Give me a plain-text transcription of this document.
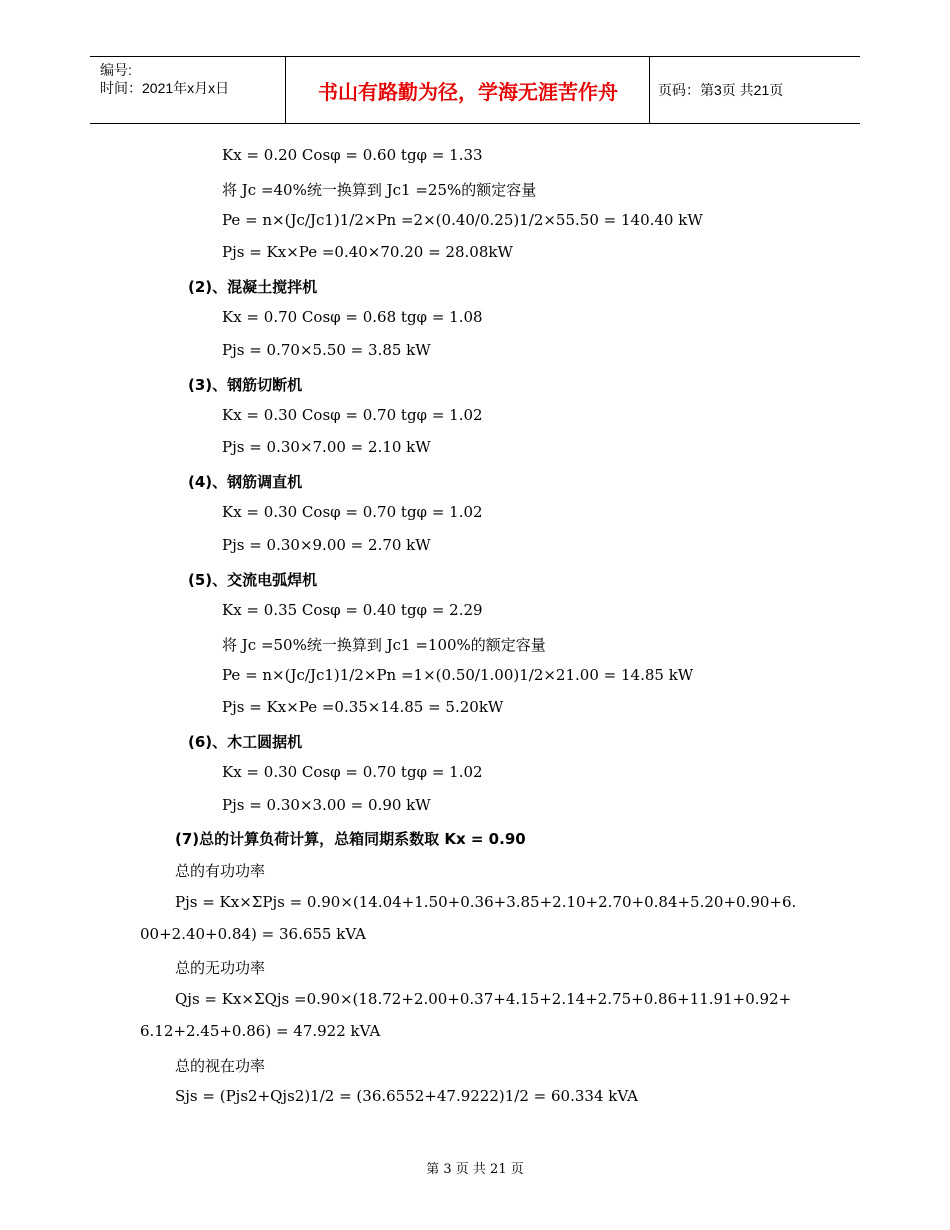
编号:
时间：2021年x月x日	书山有路勤为径，学海无涯苦作舟	页码：第3页 共21页
Kx = 0.20 Cosφ = 0.60 tgφ = 1.33
将 Jc =40%统一换算到 Jc1 =25%的额定容量
Pe = n×(Jc/Jc1)1/2×Pn =2×(0.40/0.25)1/2×55.50 = 140.40 kW
Pjs = Kx×Pe =0.40×70.20 = 28.08kW
(2)、混凝土搅拌机
Kx = 0.70 Cosφ = 0.68 tgφ = 1.08
Pjs = 0.70×5.50 = 3.85 kW
(3)、钢筋切断机
Kx = 0.30 Cosφ = 0.70 tgφ = 1.02
Pjs = 0.30×7.00 = 2.10 kW
(4)、钢筋调直机
Kx = 0.30 Cosφ = 0.70 tgφ = 1.02
Pjs = 0.30×9.00 = 2.70 kW
(5)、交流电弧焊机
Kx = 0.35 Cosφ = 0.40 tgφ = 2.29
将 Jc =50%统一换算到 Jc1 =100%的额定容量
Pe = n×(Jc/Jc1)1/2×Pn =1×(0.50/1.00)1/2×21.00 = 14.85 kW
Pjs = Kx×Pe =0.35×14.85 = 5.20kW
(6)、木工圆据机
Kx = 0.30 Cosφ = 0.70 tgφ = 1.02
Pjs = 0.30×3.00 = 0.90 kW
(7)总的计算负荷计算，总箱同期系数取 Kx = 0.90
总的有功功率
Pjs = Kx×ΣPjs = 0.90×(14.04+1.50+0.36+3.85+2.10+2.70+0.84+5.20+0.90+6.
00+2.40+0.84) = 36.655 kVA
总的无功功率
Qjs = Kx×ΣQjs =0.90×(18.72+2.00+0.37+4.15+2.14+2.75+0.86+11.91+0.92+
6.12+2.45+0.86) = 47.922 kVA
总的视在功率
Sjs = (Pjs2+Qjs2)1/2 = (36.6552+47.9222)1/2 = 60.334 kVA
第 3 页 共 21 页
